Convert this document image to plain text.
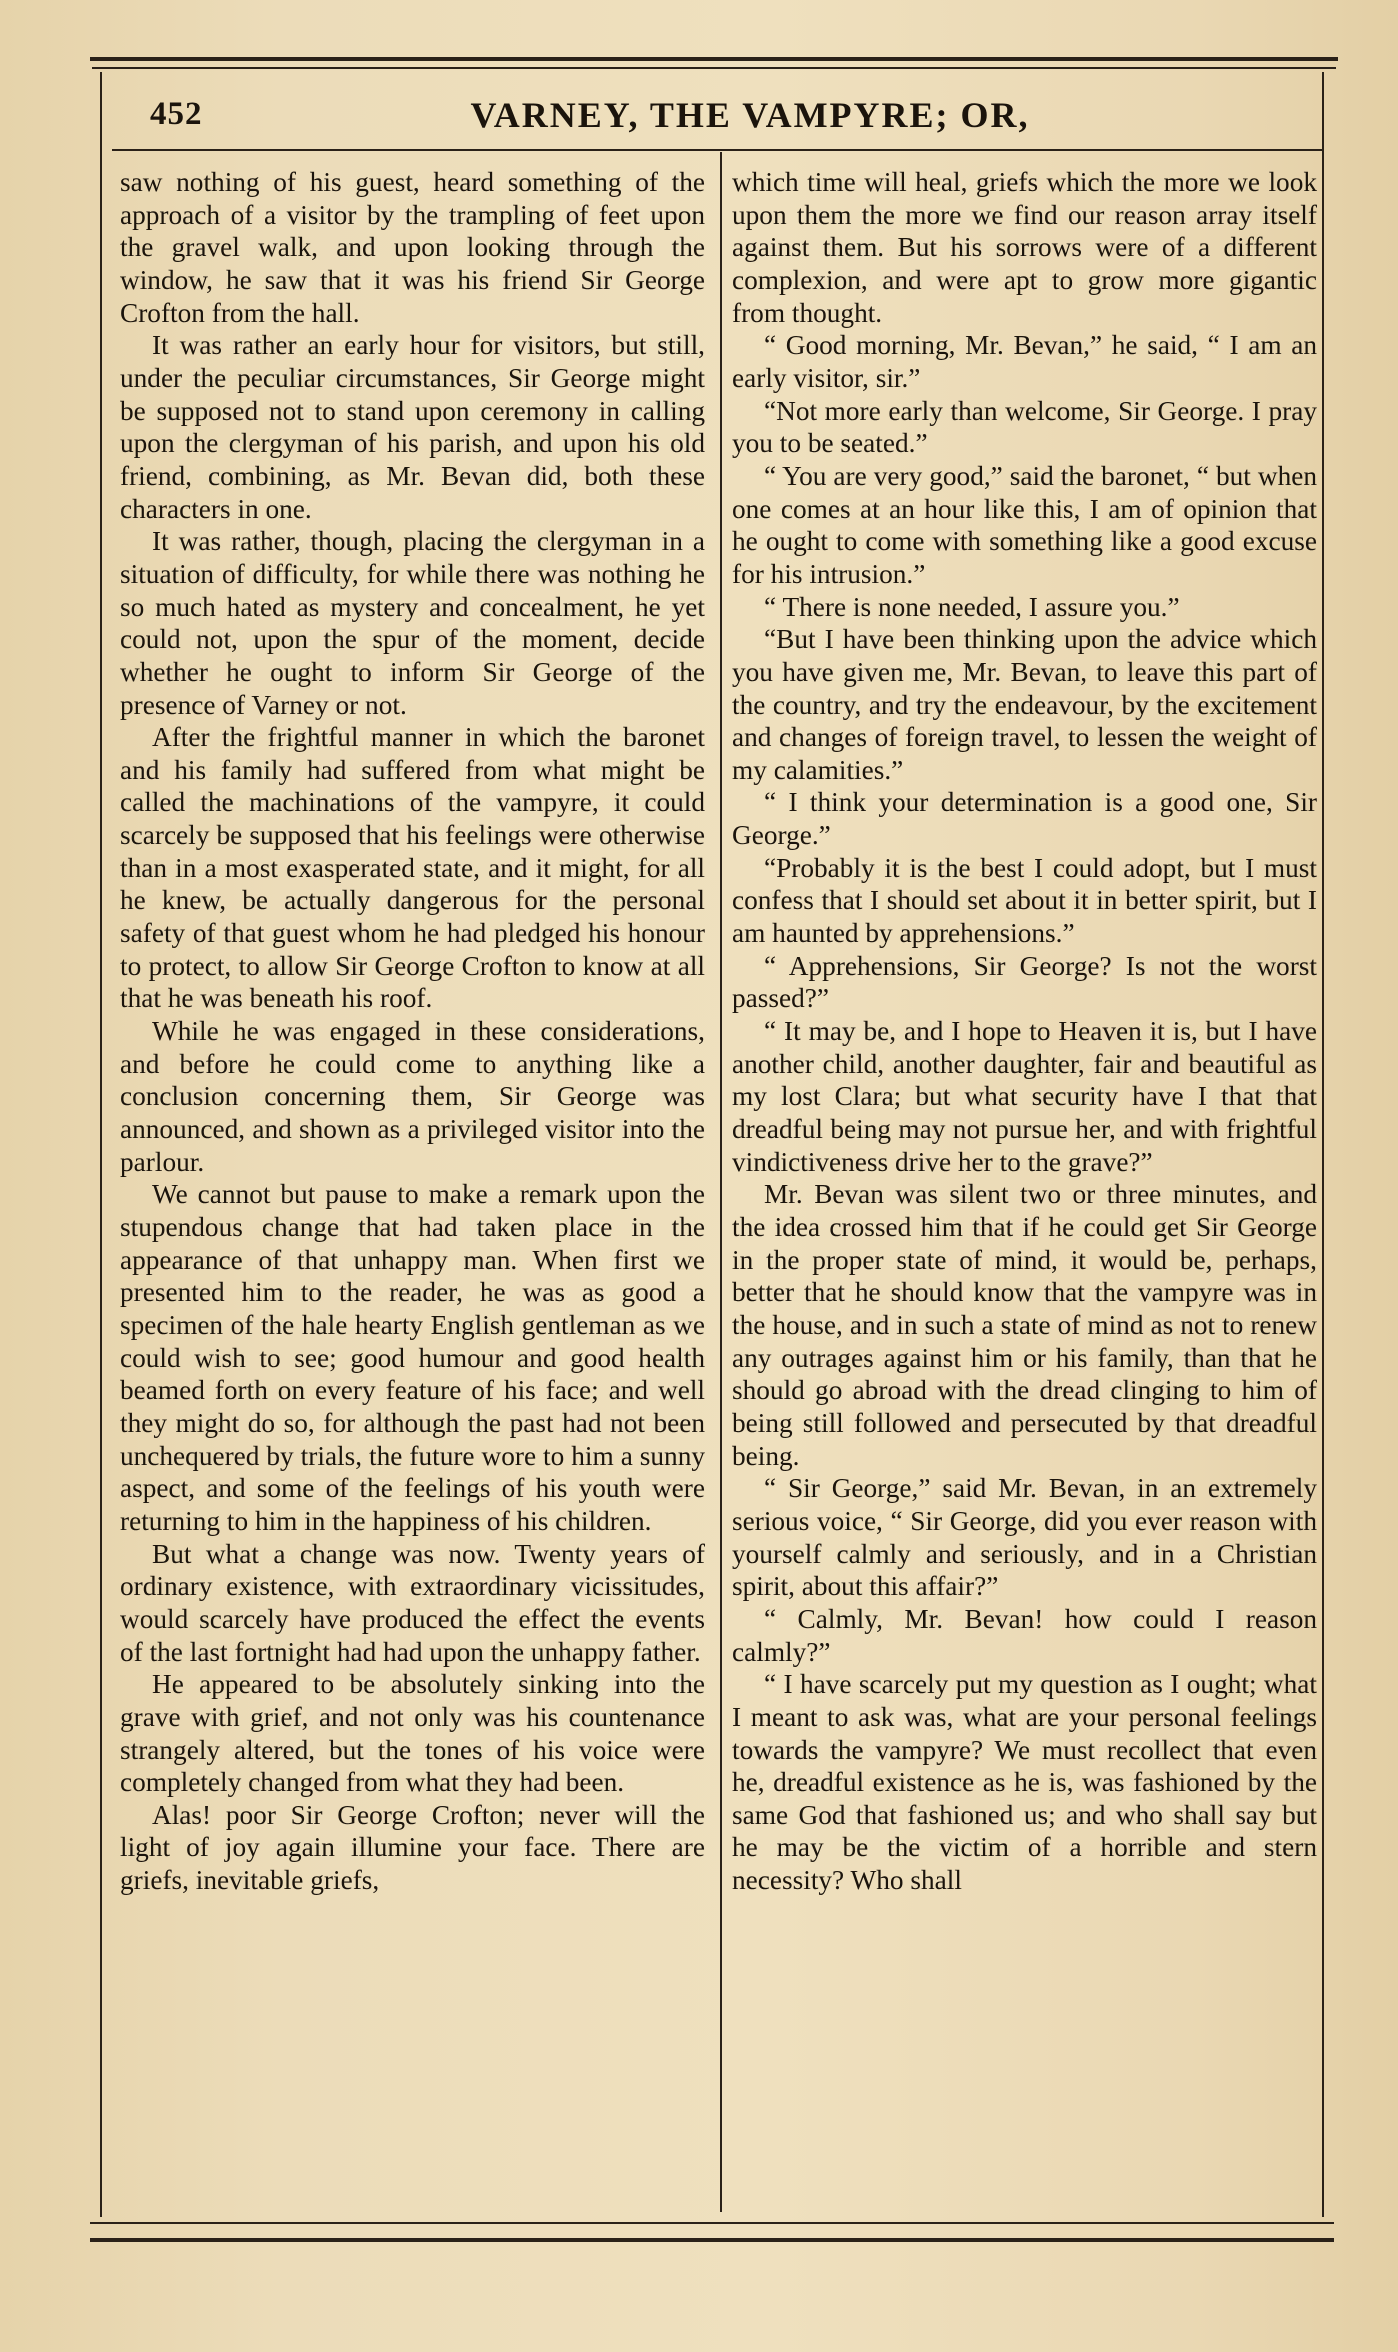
452	VARNEY, THE VAMPYRE; OR,

saw nothing of his guest, heard something of the approach of a visitor by the trampling of feet upon the gravel walk, and upon looking through the window, he saw that it was his friend Sir George Crofton from the hall.

It was rather an early hour for visitors, but still, under the peculiar circumstances, Sir George might be supposed not to stand upon ceremony in calling upon the clergyman of his parish, and upon his old friend, combining, as Mr. Bevan did, both these characters in one.

It was rather, though, placing the clergyman in a situation of difficulty, for while there was nothing he so much hated as mystery and concealment, he yet could not, upon the spur of the moment, decide whether he ought to inform Sir George of the presence of Varney or not.

After the frightful manner in which the baronet and his family had suffered from what might be called the machinations of the vampyre, it could scarcely be supposed that his feelings were otherwise than in a most exasperated state, and it might, for all he knew, be actually dangerous for the personal safety of that guest whom he had pledged his honour to protect, to allow Sir George Crofton to know at all that he was beneath his roof.

While he was engaged in these considerations, and before he could come to anything like a conclusion concerning them, Sir George was announced, and shown as a privileged visitor into the parlour.

We cannot but pause to make a remark upon the stupendous change that had taken place in the appearance of that unhappy man. When first we presented him to the reader, he was as good a specimen of the hale hearty English gentleman as we could wish to see; good humour and good health beamed forth on every feature of his face; and well they might do so, for although the past had not been unchequered by trials, the future wore to him a sunny aspect, and some of the feelings of his youth were returning to him in the happiness of his children.

But what a change was now. Twenty years of ordinary existence, with extraordinary vicissitudes, would scarcely have produced the effect the events of the last fortnight had had upon the unhappy father.

He appeared to be absolutely sinking into the grave with grief, and not only was his countenance strangely altered, but the tones of his voice were completely changed from what they had been.

Alas! poor Sir George Crofton; never will the light of joy again illumine your face. There are griefs, inevitable griefs,

which time will heal, griefs which the more we look upon them the more we find our reason array itself against them. But his sorrows were of a different complexion, and were apt to grow more gigantic from thought.

“ Good morning, Mr. Bevan,” he said, “ I am an early visitor, sir.”

“Not more early than welcome, Sir George. I pray you to be seated.”

“ You are very good,” said the baronet, “ but when one comes at an hour like this, I am of opinion that he ought to come with something like a good excuse for his intrusion.”

“ There is none needed, I assure you.”

“But I have been thinking upon the advice which you have given me, Mr. Bevan, to leave this part of the country, and try the endeavour, by the excitement and changes of foreign travel, to lessen the weight of my calamities.”

“ I think your determination is a good one, Sir George.”

“Probably it is the best I could adopt, but I must confess that I should set about it in better spirit, but I am haunted by apprehensions.”

“ Apprehensions, Sir George? Is not the worst passed?”

“ It may be, and I hope to Heaven it is, but I have another child, another daughter, fair and beautiful as my lost Clara; but what security have I that that dreadful being may not pursue her, and with frightful vindictiveness drive her to the grave?”

Mr. Bevan was silent two or three minutes, and the idea crossed him that if he could get Sir George in the proper state of mind, it would be, perhaps, better that he should know that the vampyre was in the house, and in such a state of mind as not to renew any outrages against him or his family, than that he should go abroad with the dread clinging to him of being still followed and persecuted by that dreadful being.

“ Sir George,” said Mr. Bevan, in an extremely serious voice, “ Sir George, did you ever reason with yourself calmly and seriously, and in a Christian spirit, about this affair?”

“ Calmly, Mr. Bevan! how could I reason calmly?”

“ I have scarcely put my question as I ought; what I meant to ask was, what are your personal feelings towards the vampyre? We must recollect that even he, dreadful existence as he is, was fashioned by the same God that fashioned us; and who shall say but he may be the victim of a horrible and stern necessity? Who shall
